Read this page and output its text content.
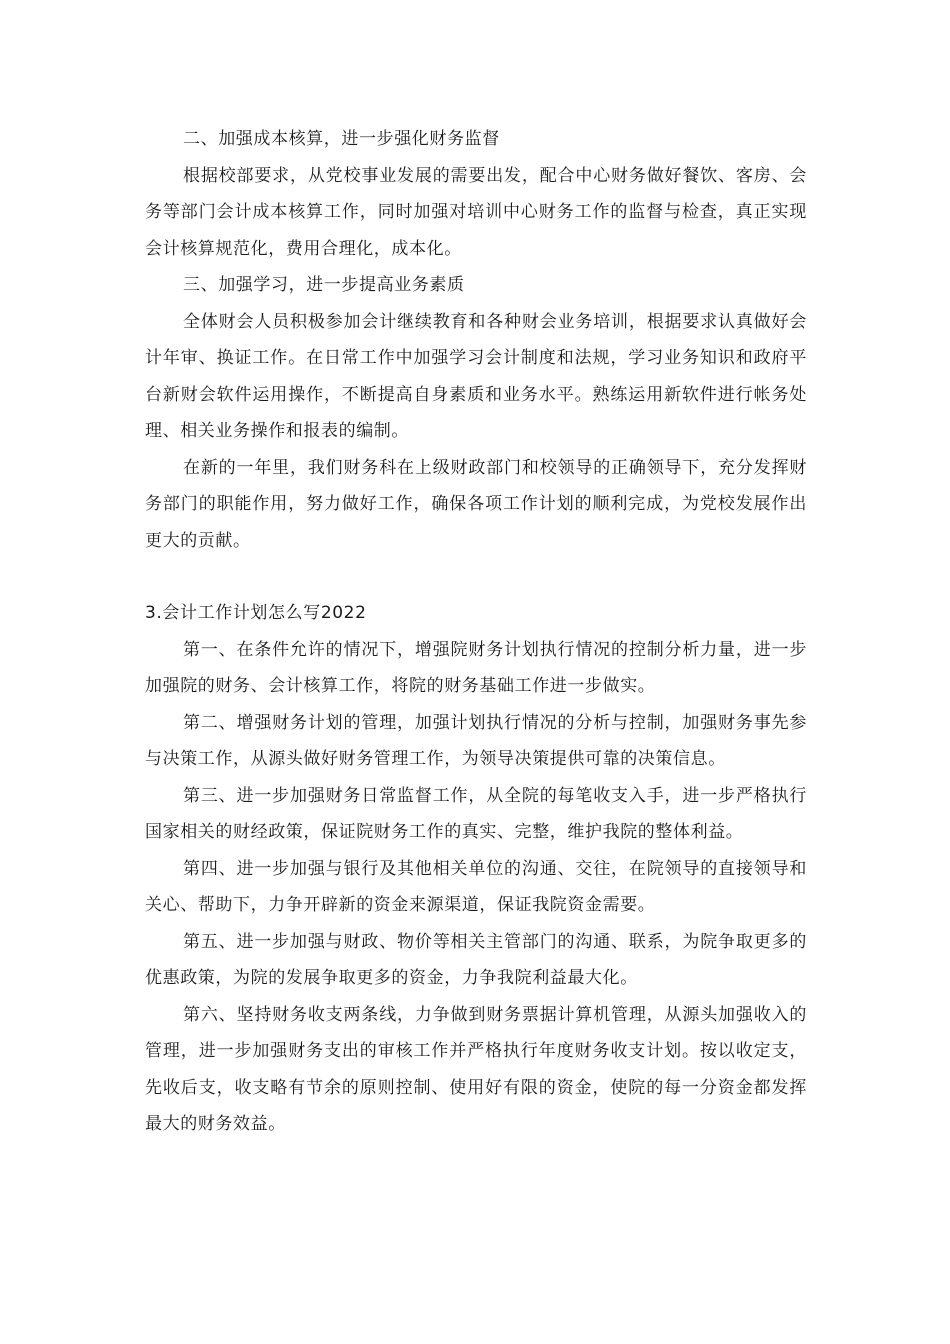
二、加强成本核算，进一步强化财务监督

根据校部要求，从党校事业发展的需要出发，配合中心财务做好餐饮、客房、会务等部门会计成本核算工作，同时加强对培训中心财务工作的监督与检查，真正实现会计核算规范化，费用合理化，成本化。

三、加强学习，进一步提高业务素质

全体财会人员积极参加会计继续教育和各种财会业务培训，根据要求认真做好会计年审、换证工作。在日常工作中加强学习会计制度和法规，学习业务知识和政府平台新财会软件运用操作，不断提高自身素质和业务水平。熟练运用新软件进行帐务处理、相关业务操作和报表的编制。

在新的一年里，我们财务科在上级财政部门和校领导的正确领导下，充分发挥财务部门的职能作用，努力做好工作，确保各项工作计划的顺利完成，为党校发展作出更大的贡献。

3.会计工作计划怎么写2022

第一、在条件允许的情况下，增强院财务计划执行情况的控制分析力量，进一步加强院的财务、会计核算工作，将院的财务基础工作进一步做实。

第二、增强财务计划的管理，加强计划执行情况的分析与控制，加强财务事先参与决策工作，从源头做好财务管理工作，为领导决策提供可靠的决策信息。

第三、进一步加强财务日常监督工作，从全院的每笔收支入手，进一步严格执行国家相关的财经政策，保证院财务工作的真实、完整，维护我院的整体利益。

第四、进一步加强与银行及其他相关单位的沟通、交往，在院领导的直接领导和关心、帮助下，力争开辟新的资金来源渠道，保证我院资金需要。

第五、进一步加强与财政、物价等相关主管部门的沟通、联系，为院争取更多的优惠政策，为院的发展争取更多的资金，力争我院利益最大化。

第六、坚持财务收支两条线，力争做到财务票据计算机管理，从源头加强收入的管理，进一步加强财务支出的审核工作并严格执行年度财务收支计划。按以收定支，先收后支，收支略有节余的原则控制、使用好有限的资金，使院的每一分资金都发挥最大的财务效益。
